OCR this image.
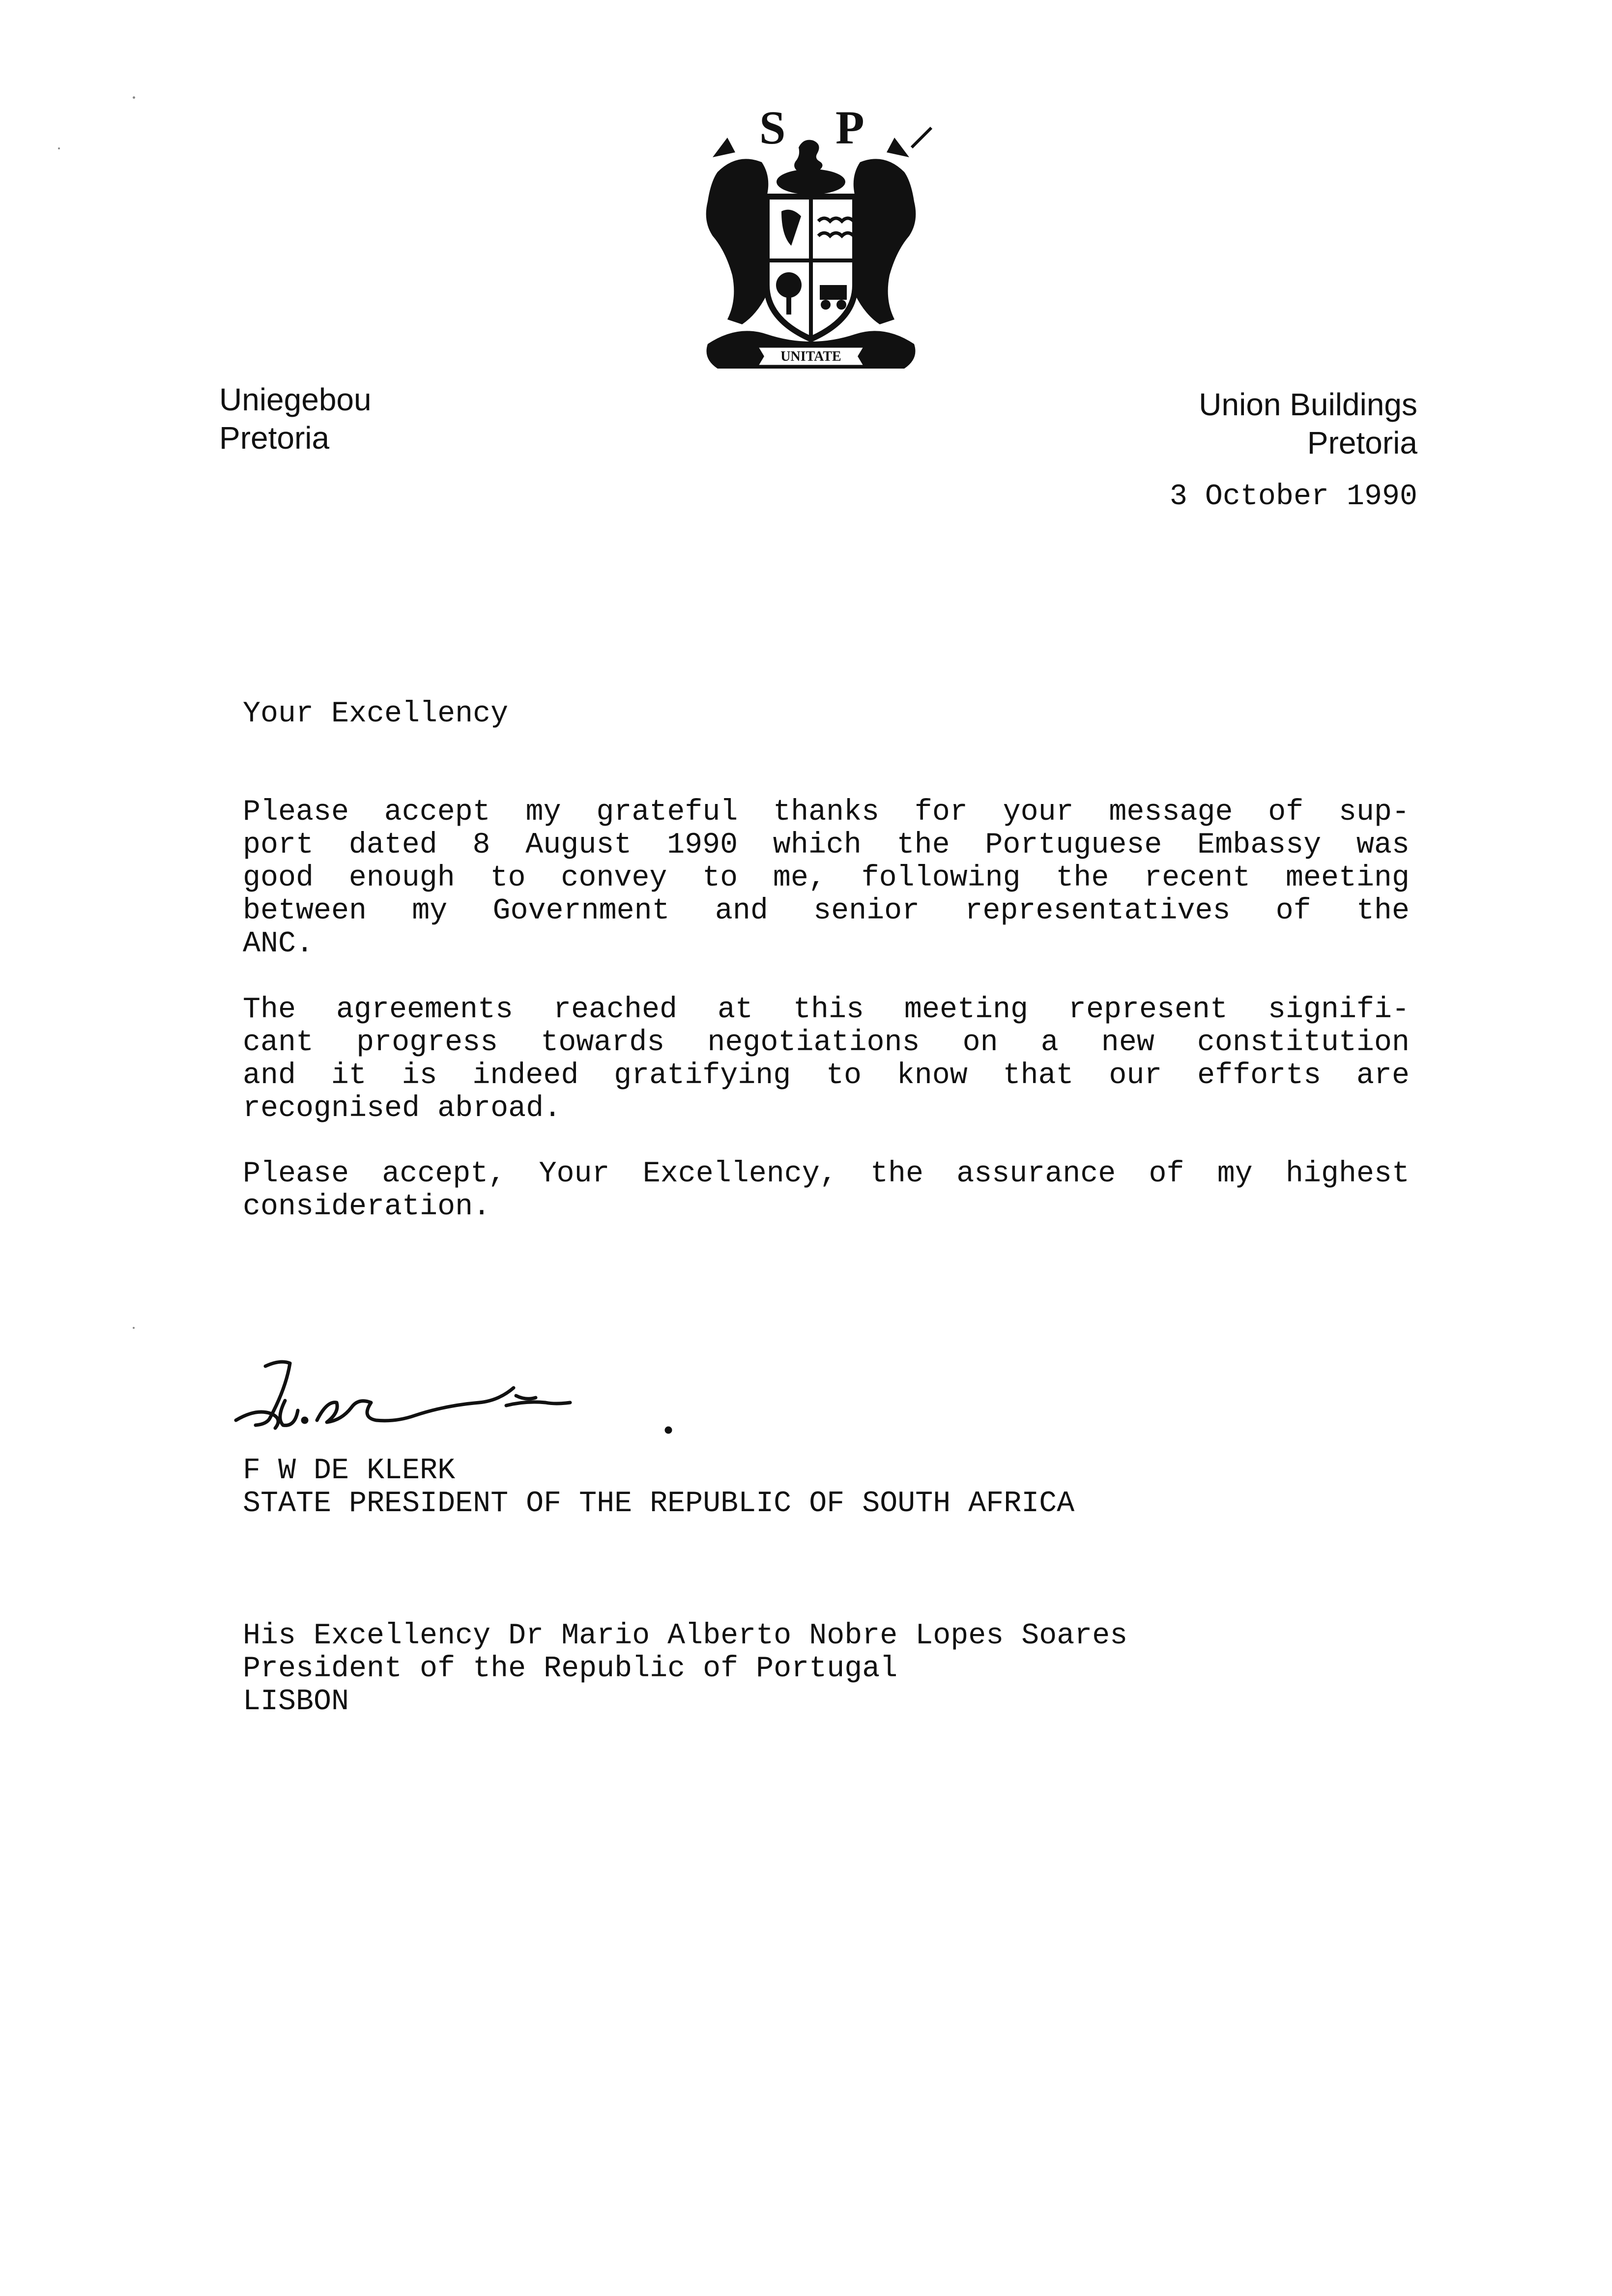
S P
UNITATE
Uniegebou
Pretoria
Union Buildings
Pretoria
3 October 1990
Your Excellency
Please accept my grateful thanks for your message of sup-
port dated 8 August 1990 which the Portuguese Embassy was
good enough to convey to me, following the recent meeting
between my Government and senior representatives of the
ANC.
The agreements reached at this meeting represent signifi-
cant progress towards negotiations on a new constitution
and it is indeed gratifying to know that our efforts are
recognised abroad.
Please accept, Your Excellency, the assurance of my highest
consideration.
F W DE KLERK
STATE PRESIDENT OF THE REPUBLIC OF SOUTH AFRICA
His Excellency Dr Mario Alberto Nobre Lopes Soares
President of the Republic of Portugal
LISBON
